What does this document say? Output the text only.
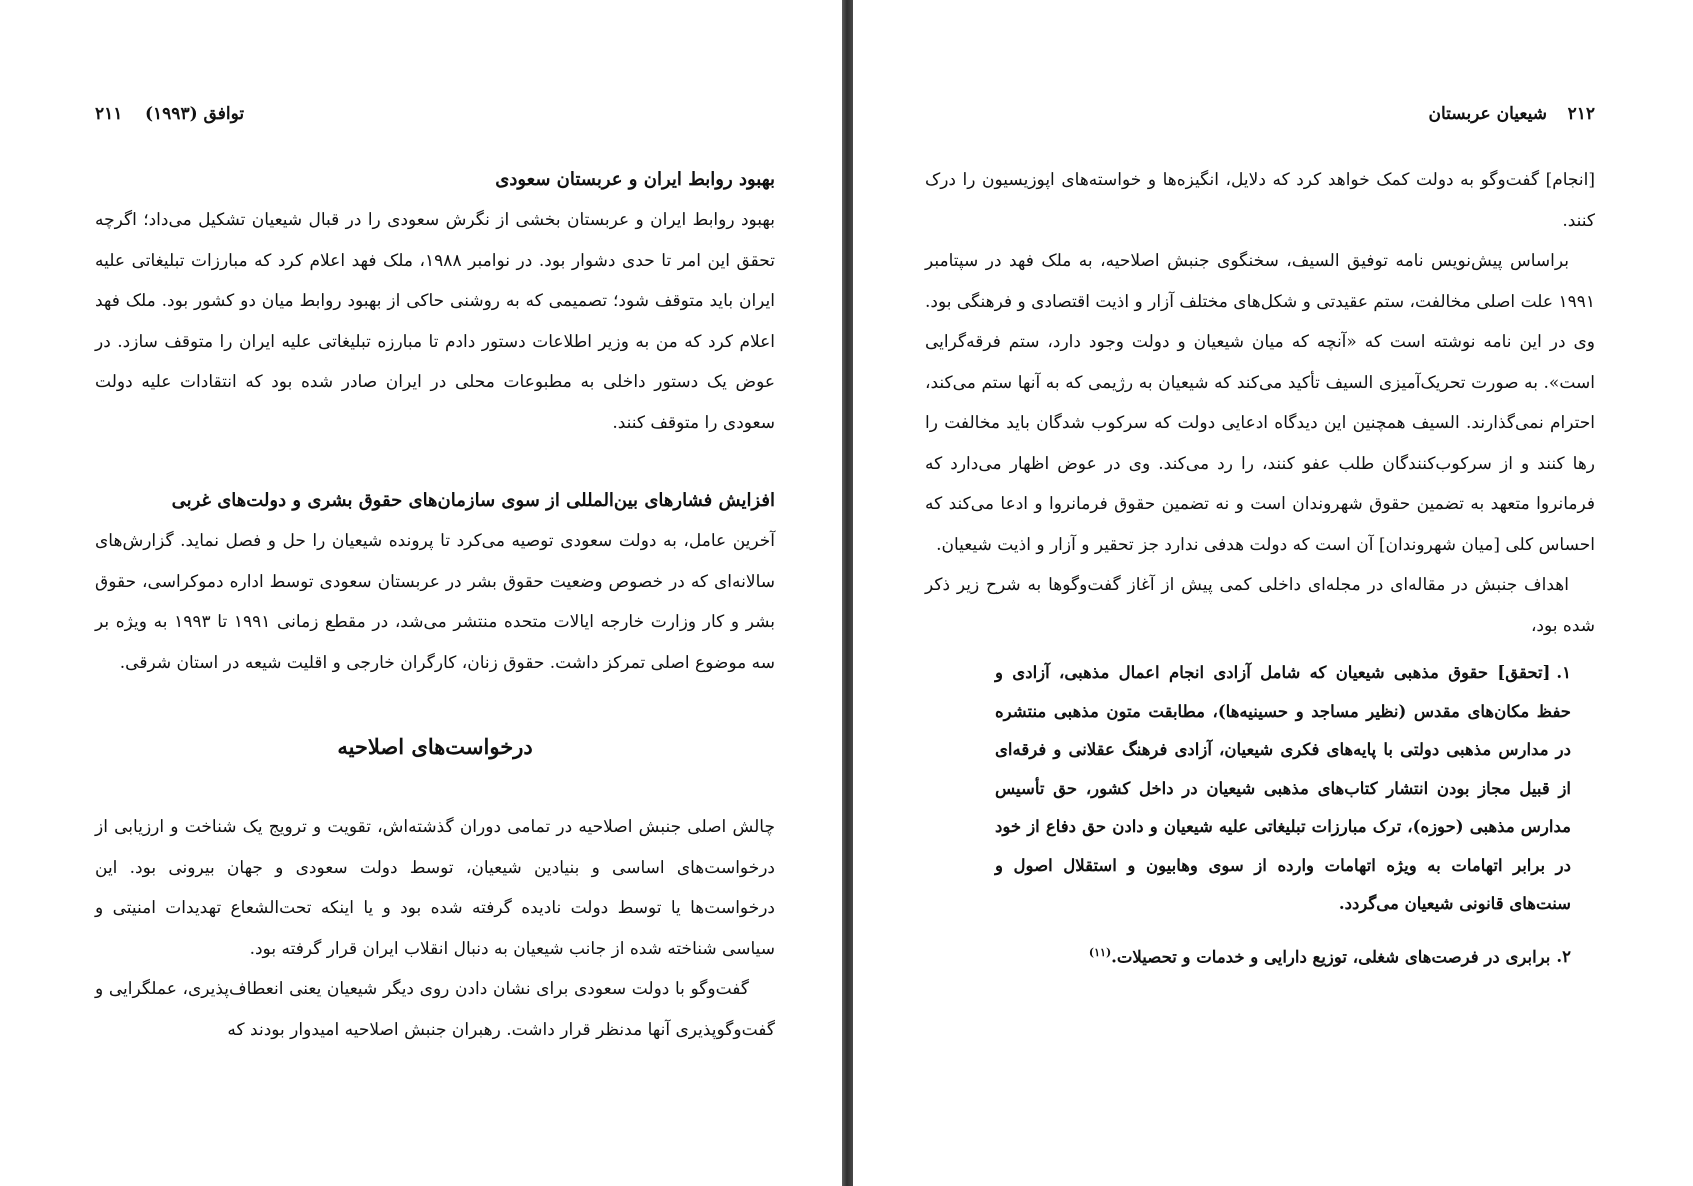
توافق (۱۹۹۳)
۲۱۱
بهبود روابط ایران و عربستان سعودی

بهبود روابط ایران و عربستان بخشی از نگرش سعودی را در قبال شیعیان تشکیل می‌داد؛ اگرچه تحقق این امر تا حدی دشوار بود. در نوامبر ۱۹۸۸، ملک فهد اعلام کرد که مبارزات تبلیغاتی علیه ایران باید متوقف شود؛ تصمیمی که به روشنی حاکی از بهبود روابط میان دو کشور بود. ملک فهد اعلام کرد که من به وزیر اطلاعات دستور دادم تا مبارزه تبلیغاتی علیه ایران را متوقف سازد. در عوض یک دستور داخلی به مطبوعات محلی در ایران صادر شده بود که انتقادات علیه دولت سعودی را متوقف کنند.

افزایش فشارهای بین‌المللی از سوی سازمان‌های حقوق بشری و دولت‌های غربی

آخرین عامل، به دولت سعودی توصیه می‌کرد تا پرونده شیعیان را حل و فصل نماید. گزارش‌های سالانه‌ای که در خصوص وضعیت حقوق بشر در عربستان سعودی توسط اداره دموکراسی، حقوق بشر و کار وزارت خارجه ایالات متحده منتشر می‌شد، در مقطع زمانی ۱۹۹۱ تا ۱۹۹۳ به ویژه بر سه موضوع اصلی تمرکز داشت. حقوق زنان، کارگران خارجی و اقلیت شیعه در استان شرقی.

درخواست‌های اصلاحیه

چالش اصلی جنبش اصلاحیه در تمامی دوران گذشته‌اش، تقویت و ترویج یک شناخت و ارزیابی از درخواست‌های اساسی و بنیادین شیعیان، توسط دولت سعودی و جهان بیرونی بود. این درخواست‌ها یا توسط دولت نادیده گرفته شده بود و یا اینکه تحت‌الشعاع تهدیدات امنیتی و سیاسی شناخته شده از جانب شیعیان به دنبال انقلاب ایران قرار گرفته بود.

گفت‌وگو با دولت سعودی برای نشان دادن روی دیگر شیعیان یعنی انعطاف‌پذیری، عملگرایی و گفت‌وگوپذیری آنها مدنظر قرار داشت. رهبران جنبش اصلاحیه امیدوار بودند که

۲۱۲
شیعیان عربستان

[انجام] گفت‌وگو به دولت کمک خواهد کرد که دلایل، انگیزه‌ها و خواسته‌های اپوزیسیون را درک کنند.

براساس پیش‌نویس نامه توفیق السیف، سخنگوی جنبش اصلاحیه، به ملک فهد در سپتامبر ۱۹۹۱ علت اصلی مخالفت، ستم عقیدتی و شکل‌های مختلف آزار و اذیت اقتصادی و فرهنگی بود. وی در این نامه نوشته است که «آنچه که میان شیعیان و دولت وجود دارد، ستم فرقه‌گرایی است». به صورت تحریک‌آمیزی السیف تأکید می‌کند که شیعیان به رژیمی که به آنها ستم می‌کند، احترام نمی‌گذارند. السیف همچنین این دیدگاه ادعایی دولت که سرکوب شدگان باید مخالفت را رها کنند و از سرکوب‌کنندگان طلب عفو کنند، را رد می‌کند. وی در عوض اظهار می‌دارد که فرمانروا متعهد به تضمین حقوق شهروندان است و نه تضمین حقوق فرمانروا و ادعا می‌کند که احساس کلی [میان شهروندان] آن است که دولت هدفی ندارد جز تحقیر و آزار و اذیت شیعیان.

اهداف جنبش در مقاله‌ای در مجله‌ای داخلی کمی پیش از آغاز گفت‌وگوها به شرح زیر ذکر شده بود،

۱.[تحقق] حقوق مذهبی شیعیان که شامل آزادی انجام اعمال مذهبی، آزادی و حفظ مکان‌های مقدس (نظیر مساجد و حسینیه‌ها)، مطابقت متون مذهبی منتشره در مدارس مذهبی دولتی با پایه‌های فکری شیعیان، آزادی فرهنگ عقلانی و فرقه‌ای از قبیل مجاز بودن انتشار کتاب‌های مذهبی شیعیان در داخل کشور، حق تأسیس مدارس مذهبی (حوزه)، ترک مبارزات تبلیغاتی علیه شیعیان و دادن حق دفاع از خود در برابر اتهامات به ویژه اتهامات وارده از سوی وهابیون و استقلال اصول و سنت‌های قانونی شیعیان می‌گردد.
۲.برابری در فرصت‌های شغلی، توزیع دارایی و خدمات و تحصیلات.$^{(۱۱)}$
